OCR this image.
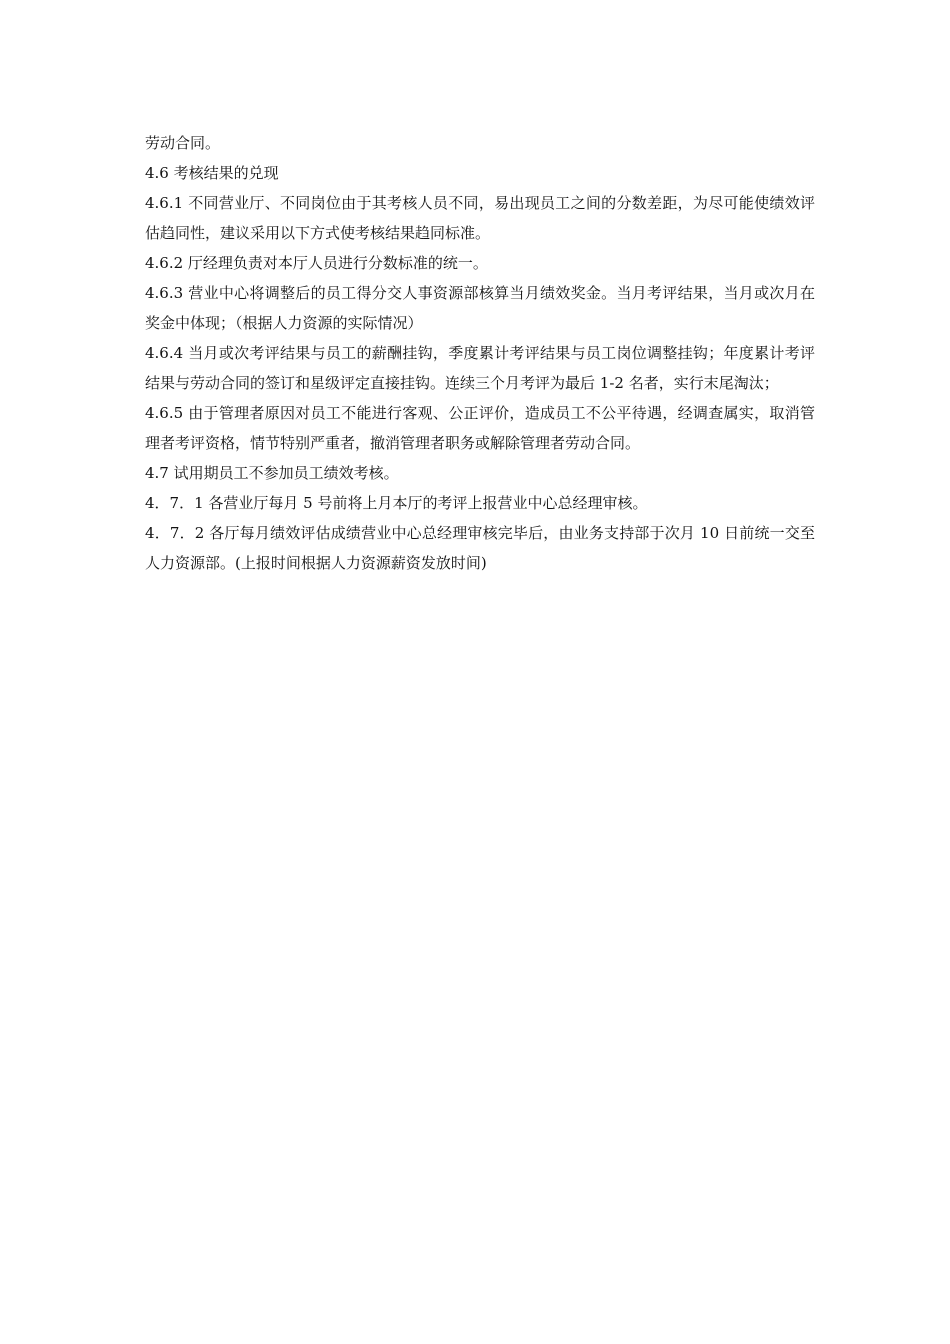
劳动合同。

4.6 考核结果的兑现

4.6.1 不同营业厅、不同岗位由于其考核人员不同，易出现员工之间的分数差距，为尽可能使绩效评估趋同性，建议采用以下方式使考核结果趋同标准。

4.6.2 厅经理负责对本厅人员进行分数标准的统一。

4.6.3 营业中心将调整后的员工得分交人事资源部核算当月绩效奖金。当月考评结果，当月或次月在奖金中体现；（根据人力资源的实际情况）

4.6.4 当月或次考评结果与员工的薪酬挂钩，季度累计考评结果与员工岗位调整挂钩；年度累计考评结果与劳动合同的签订和星级评定直接挂钩。连续三个月考评为最后 1-2 名者，实行末尾淘汰；

4.6.5 由于管理者原因对员工不能进行客观、公正评价，造成员工不公平待遇，经调查属实，取消管理者考评资格，情节特别严重者，撤消管理者职务或解除管理者劳动合同。

4.7 试用期员工不参加员工绩效考核。

4．7．1 各营业厅每月 5 号前将上月本厅的考评上报营业中心总经理审核。

4．7．2 各厅每月绩效评估成绩营业中心总经理审核完毕后，由业务支持部于次月 10 日前统一交至人力资源部。(上报时间根据人力资源薪资发放时间)
